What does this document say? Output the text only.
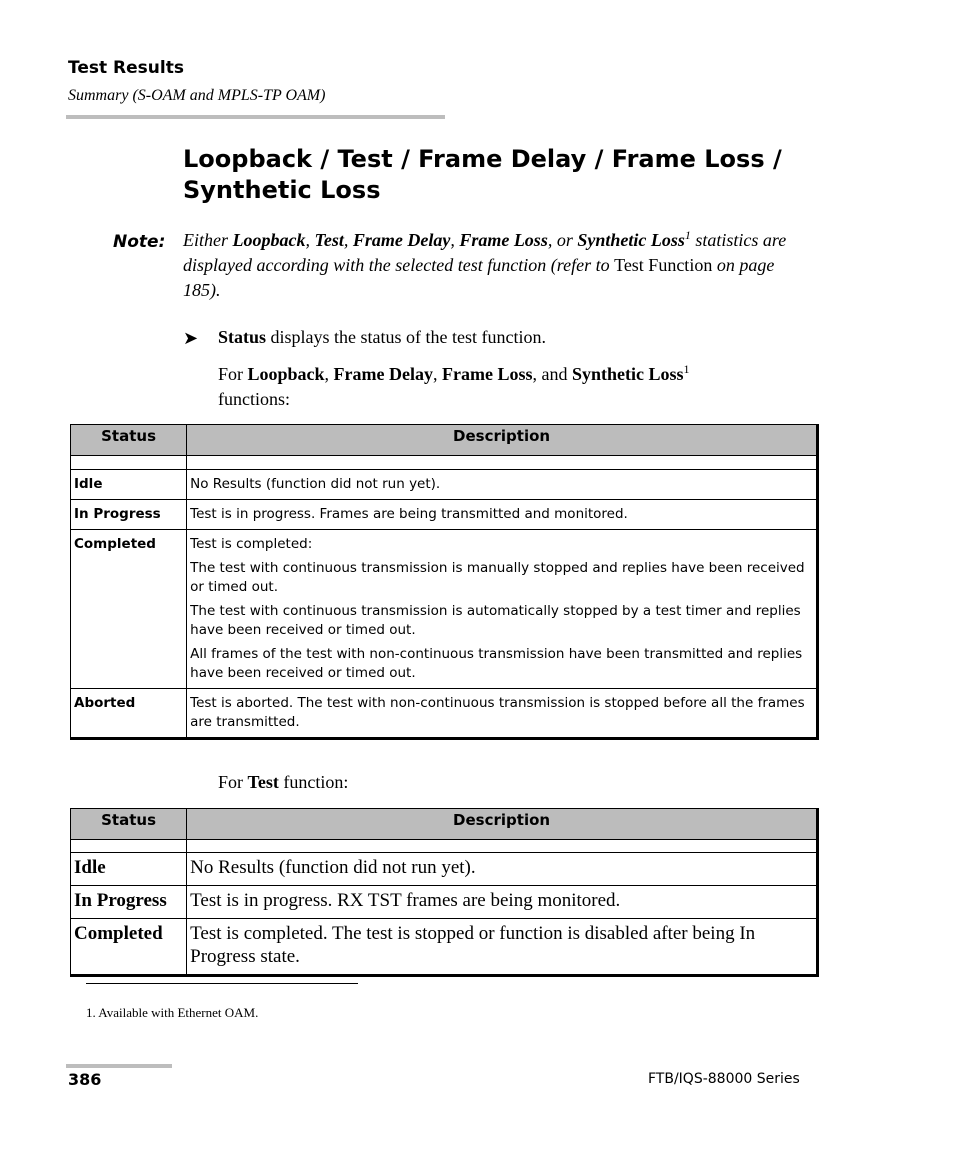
Test Results
Summary (S-OAM and MPLS-TP OAM)
Loopback / Test / Frame Delay / Frame Loss / Synthetic Loss
Note: Either Loopback, Test, Frame Delay, Frame Loss, or Synthetic Loss$^1$ statistics are displayed according with the selected test function (refer to Test Function on page 185).
➤ Status displays the status of the test function.
For Loopback, Frame Delay, Frame Loss, and Synthetic Loss$^1$
functions:
Status	Description

Idle	No Results (function did not run yet).
In Progress	Test is in progress. Frames are being transmitted and monitored.
Completed	Test is completed:
The test with continuous transmission is manually stopped and replies have been received or timed out.
The test with continuous transmission is automatically stopped by a test timer and replies have been received or timed out.
All frames of the test with non-continuous transmission have been transmitted and replies have been received or timed out.

Aborted	Test is aborted. The test with non-continuous transmission is stopped before all the frames are transmitted.
For Test function:
Status	Description

Idle	No Results (function did not run yet).
In Progress	Test is in progress. RX TST frames are being monitored.
Completed	Test is completed. The test is stopped or function is disabled after being In Progress state.
1. Available with Ethernet OAM.
386	FTB/IQS-88000 Series
